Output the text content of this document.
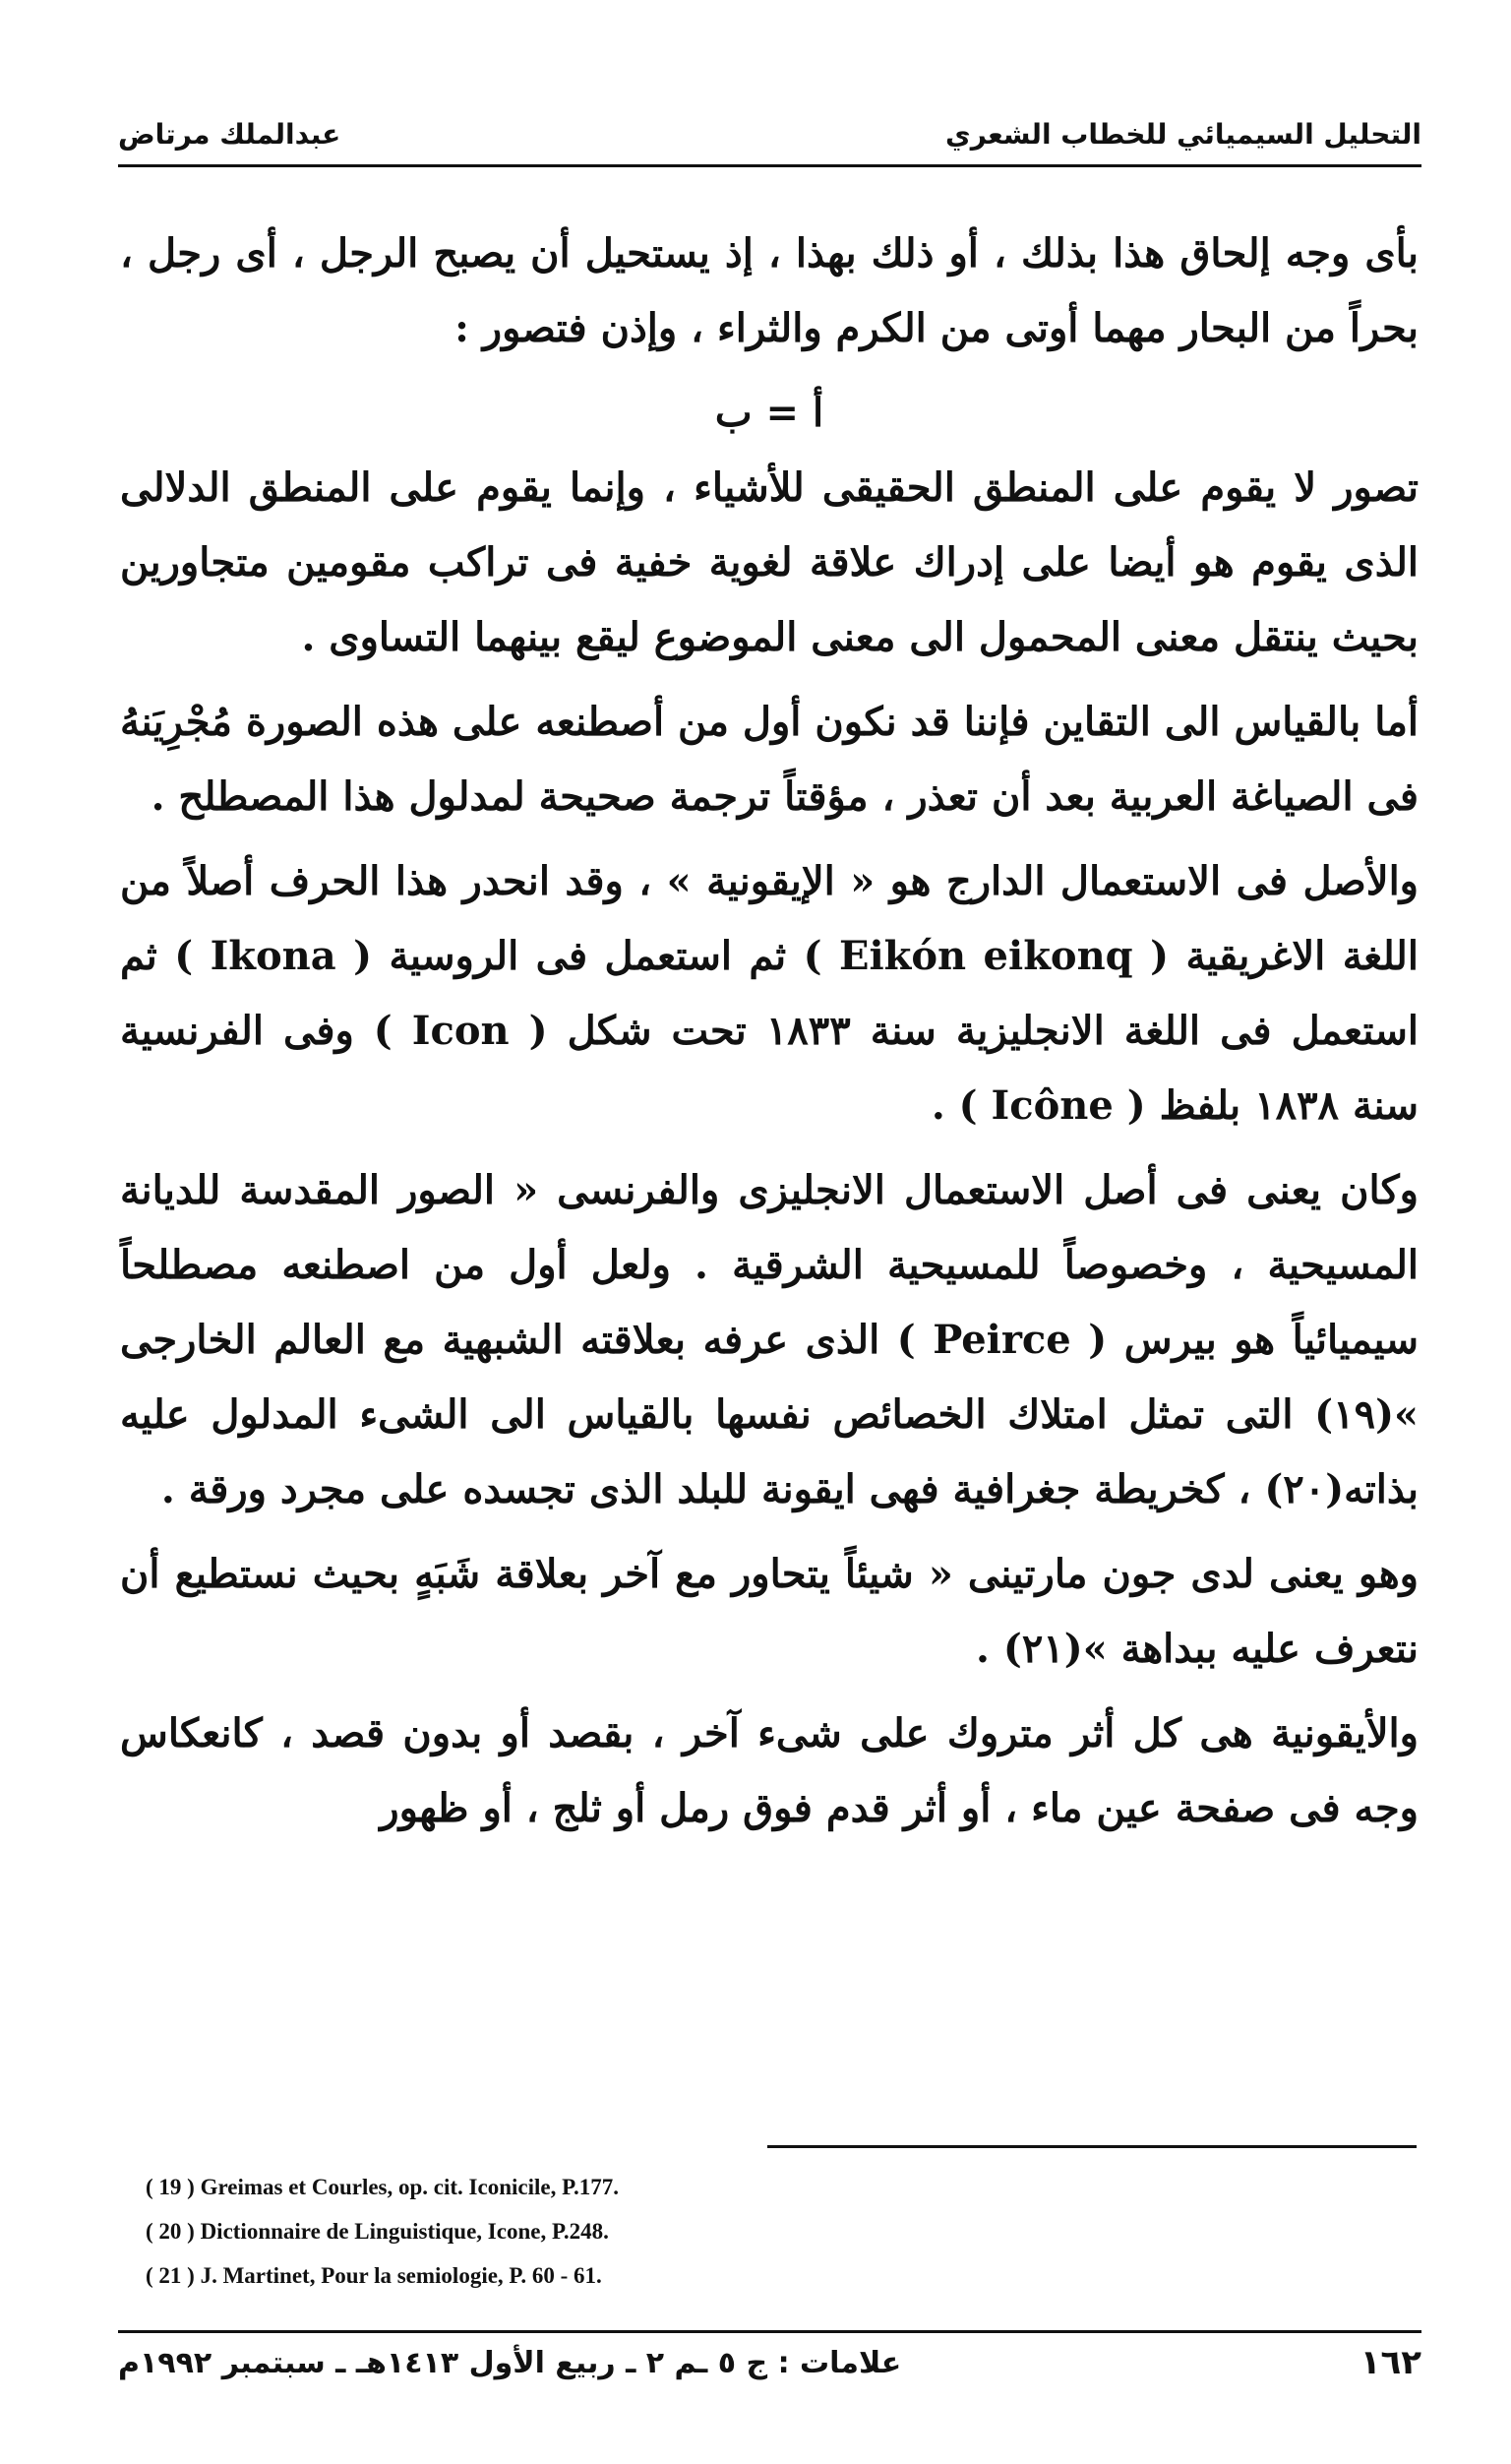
التحليل السيميائي للخطاب الشعري
عبدالملك مرتاض

بأى وجه إلحاق هذا بذلك ، أو ذلك بهذا ، إذ يستحيل أن يصبح الرجل ، أى رجل ، بحراً من البحار مهما أوتى من الكرم والثراء ، وإذن فتصور :

أ = ب

تصور لا يقوم على المنطق الحقيقى للأشياء ، وإنما يقوم على المنطق الدلالى الذى يقوم هو أيضا على إدراك علاقة لغوية خفية فى تراكب مقومين متجاورين بحيث ينتقل معنى المحمول الى معنى الموضوع ليقع بينهما التساوى .

أما بالقياس الى التقاين فإننا قد نكون أول من أصطنعه على هذه الصورة مُجْرِيَنهُ فى الصياغة العربية بعد أن تعذر ، مؤقتاً ترجمة صحيحة لمدلول هذا المصطلح .

والأصل فى الاستعمال الدارج هو « الإيقونية » ، وقد انحدر هذا الحرف أصلاً من اللغة الاغريقية ( Eikón eikonq ) ثم استعمل فى الروسية ( Ikona ) ثم استعمل فى اللغة الانجليزية سنة ١٨٣٣ تحت شكل ( Icon ) وفى الفرنسية سنة ١٨٣٨ بلفظ ( Icône ) .

وكان يعنى فى أصل الاستعمال الانجليزى والفرنسى « الصور المقدسة للديانة المسيحية ، وخصوصاً للمسيحية الشرقية . ولعل أول من اصطنعه مصطلحاً سيميائياً هو بيرس ( Peirce ) الذى عرفه بعلاقته الشبهية مع العالم الخارجى »(١٩) التى تمثل امتلاك الخصائص نفسها بالقياس الى الشىء المدلول عليه بذاته(٢٠) ، كخريطة جغرافية فهى ايقونة للبلد الذى تجسده على مجرد ورقة .

وهو يعنى لدى جون مارتينى « شيئاً يتحاور مع آخر بعلاقة شَبَهٍ بحيث نستطيع أن نتعرف عليه ببداهة »(٢١) .

والأيقونية هى كل أثر متروك على شىء آخر ، بقصد أو بدون قصد ، كانعكاس وجه فى صفحة عين ماء ، أو أثر قدم فوق رمل أو ثلج ، أو ظهور

( 19 ) Greimas et Courles, op. cit. Iconicile, P.177.
( 20 ) Dictionnaire de Linguistique, Icone, P.248.
( 21 ) J. Martinet, Pour la semiologie, P. 60 - 61.
١٦٢
علامات : ج ٥ ـم ٢ ـ ربيع الأول ١٤١٣هـ ـ سبتمبر ١٩٩٢م
